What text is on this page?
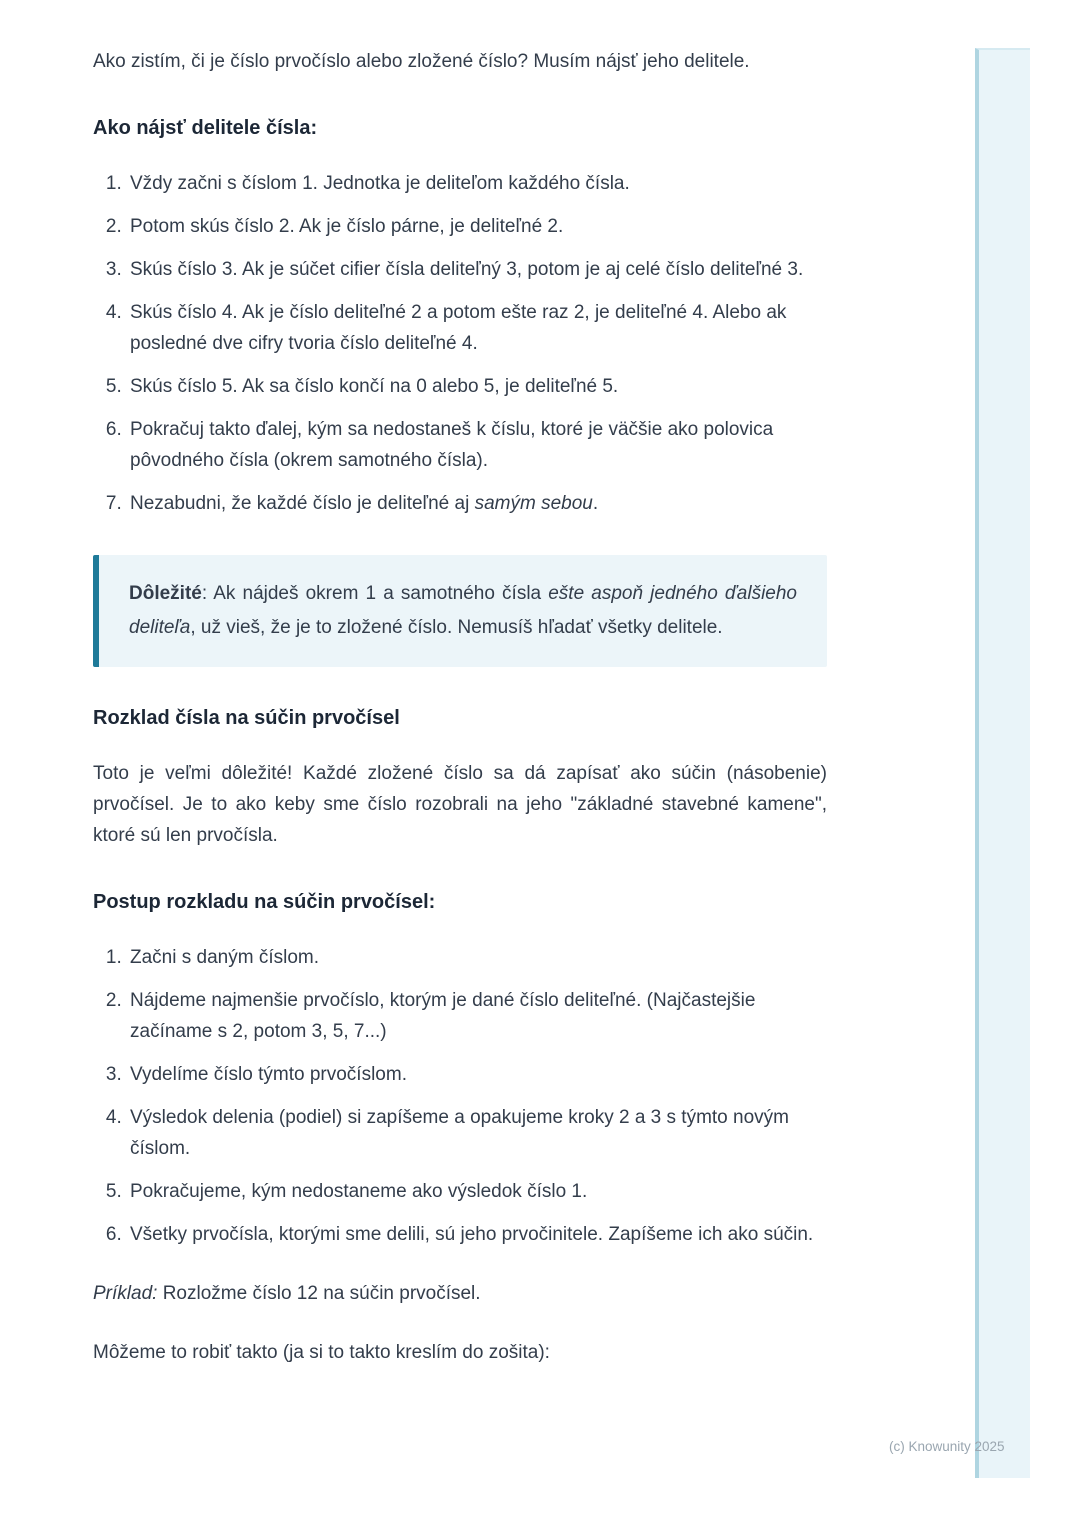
Ako zistím, či je číslo prvočíslo alebo zložené číslo? Musím nájsť jeho delitele.

Ako nájsť delitele čísla:
1. Vždy začni s číslom 1. Jednotka je deliteľom každého čísla.
2. Potom skús číslo 2. Ak je číslo párne, je deliteľné 2.
3. Skús číslo 3. Ak je súčet cifier čísla deliteľný 3, potom je aj celé číslo deliteľné 3.
4. Skús číslo 4. Ak je číslo deliteľné 2 a potom ešte raz 2, je deliteľné 4. Alebo ak posledné dve cifry tvoria číslo deliteľné 4.
5. Skús číslo 5. Ak sa číslo končí na 0 alebo 5, je deliteľné 5.
6. Pokračuj takto ďalej, kým sa nedostaneš k číslu, ktoré je väčšie ako polovica pôvodného čísla (okrem samotného čísla).
7. Nezabudni, že každé číslo je deliteľné aj samým sebou.

Dôležité: Ak nájdeš okrem 1 a samotného čísla ešte aspoň jedného ďalšieho deliteľa, už vieš, že je to zložené číslo. Nemusíš hľadať všetky delitele.

Rozklad čísla na súčin prvočísel

Toto je veľmi dôležité! Každé zložené číslo sa dá zapísať ako súčin (násobenie) prvočísel. Je to ako keby sme číslo rozobrali na jeho "základné stavebné kamene", ktoré sú len prvočísla.

Postup rozkladu na súčin prvočísel:
1. Začni s daným číslom.
2. Nájdeme najmenšie prvočíslo, ktorým je dané číslo deliteľné. (Najčastejšie začíname s 2, potom 3, 5, 7...)
3. Vydelíme číslo týmto prvočíslom.
4. Výsledok delenia (podiel) si zapíšeme a opakujeme kroky 2 a 3 s týmto novým číslom.
5. Pokračujeme, kým nedostaneme ako výsledok číslo 1.
6. Všetky prvočísla, ktorými sme delili, sú jeho prvočinitele. Zapíšeme ich ako súčin.

Príklad: Rozložme číslo 12 na súčin prvočísel.

Môžeme to robiť takto (ja si to takto kreslím do zošita):

(c) Knowunity 2025
